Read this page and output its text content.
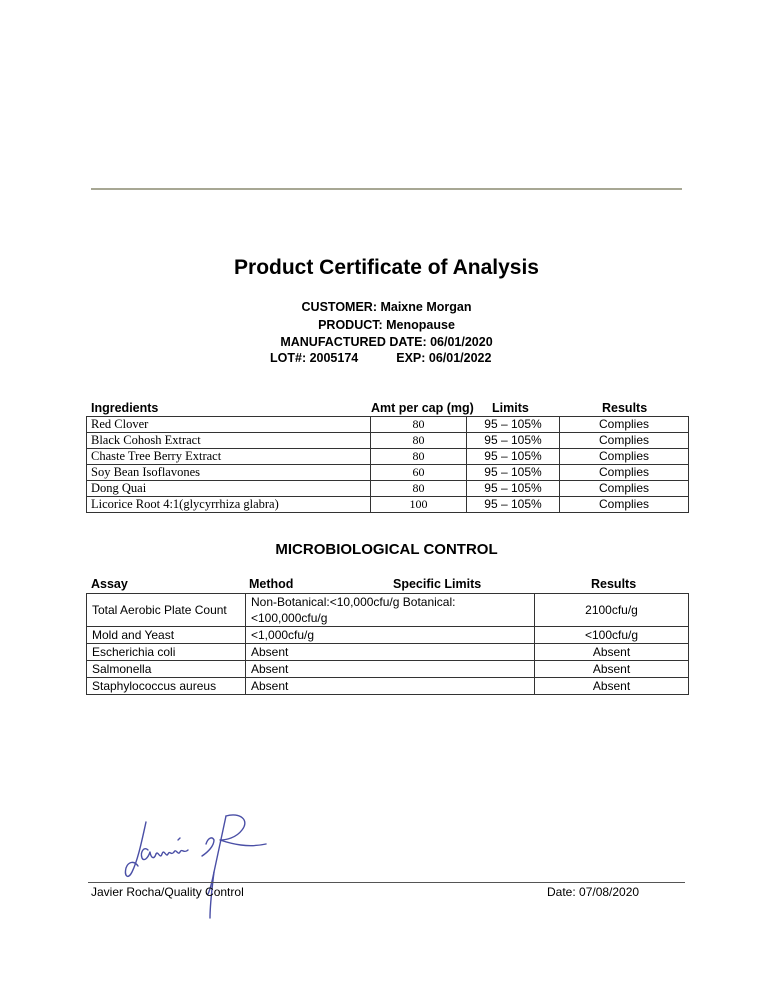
Product Certificate of Analysis
CUSTOMER: Maixne Morgan
PRODUCT: Menopause
MANUFACTURED DATE: 06/01/2020
LOT#: 2005174	EXP: 06/01/2022
Ingredients	Amt per cap (mg) Limits	Results
Red Clover	80	95 – 105%	Complies
Black Cohosh Extract	80	95 – 105%	Complies
Chaste Tree Berry Extract	80	95 – 105%	Complies
Soy Bean Isoflavones	60	95 – 105%	Complies
Dong Quai	80	95 – 105%	Complies
Licorice Root 4:1(glycyrrhiza glabra)	100	95 – 105%	Complies
MICROBIOLOGICAL CONTROL
Assay	Method	Specific Limits	Results
Total Aerobic Plate Count	Non-Botanical:<10,000cfu/g Botanical:<100,000cfu/g	2100cfu/g
Mold and Yeast	<1,000cfu/g	<100cfu/g
Escherichia coli	Absent	Absent
Salmonella	Absent	Absent
Staphylococcus aureus	Absent	Absent
Javier Rocha/Quality Control	Date: 07/08/2020
